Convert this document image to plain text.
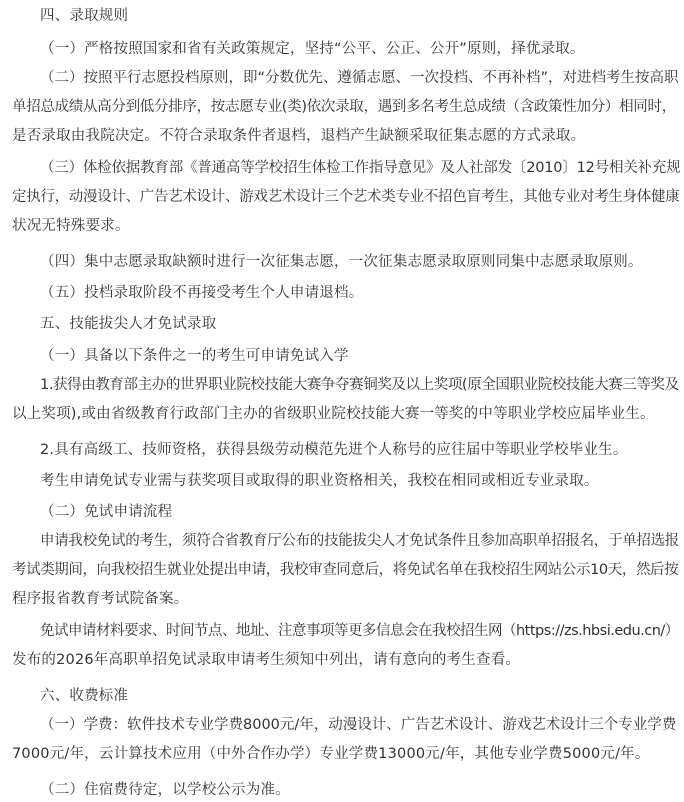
四、录取规则

（一）严格按照国家和省有关政策规定，坚持“公平、公正、公开”原则，择优录取。

（二）按照平行志愿投档原则，即“分数优先、遵循志愿、一次投档、不再补档”，对进档考生按高职

单招总成绩从高分到低分排序，按志愿专业(类)依次录取，遇到多名考生总成绩（含政策性加分）相同时，

是否录取由我院决定。不符合录取条件者退档，退档产生缺额采取征集志愿的方式录取。

（三）体检依据教育部《普通高等学校招生体检工作指导意见》及人社部发〔2010〕12号相关补充规

定执行，动漫设计、广告艺术设计、游戏艺术设计三个艺术类专业不招色盲考生，其他专业对考生身体健康

状况无特殊要求。

（四）集中志愿录取缺额时进行一次征集志愿，一次征集志愿录取原则同集中志愿录取原则。

（五）投档录取阶段不再接受考生个人申请退档。

五、技能拔尖人才免试录取

（一）具备以下条件之一的考生可申请免试入学

1.获得由教育部主办的世界职业院校技能大赛争夺赛铜奖及以上奖项(原全国职业院校技能大赛三等奖及

以上奖项),或由省级教育行政部门主办的省级职业院校技能大赛一等奖的中等职业学校应届毕业生。

2.具有高级工、技师资格，获得县级劳动模范先进个人称号的应往届中等职业学校毕业生。

考生申请免试专业需与获奖项目或取得的职业资格相关，我校在相同或相近专业录取。

（二）免试申请流程

申请我校免试的考生，须符合省教育厅公布的技能拔尖人才免试条件且参加高职单招报名，于单招选报

考试类期间，向我校招生就业处提出申请，我校审查同意后，将免试名单在我校招生网站公示10天，然后按

程序报省教育考试院备案。

免试申请材料要求、时间节点、地址、注意事项等更多信息会在我校招生网（https://zs.hbsi.edu.cn/）

发布的2026年高职单招免试录取申请考生须知中列出，请有意向的考生查看。

六、收费标准

（一）学费：软件技术专业学费8000元/年，动漫设计、广告艺术设计、游戏艺术设计三个专业学费

7000元/年，云计算技术应用（中外合作办学）专业学费13000元/年，其他专业学费5000元/年。

（二）住宿费待定，以学校公示为准。
